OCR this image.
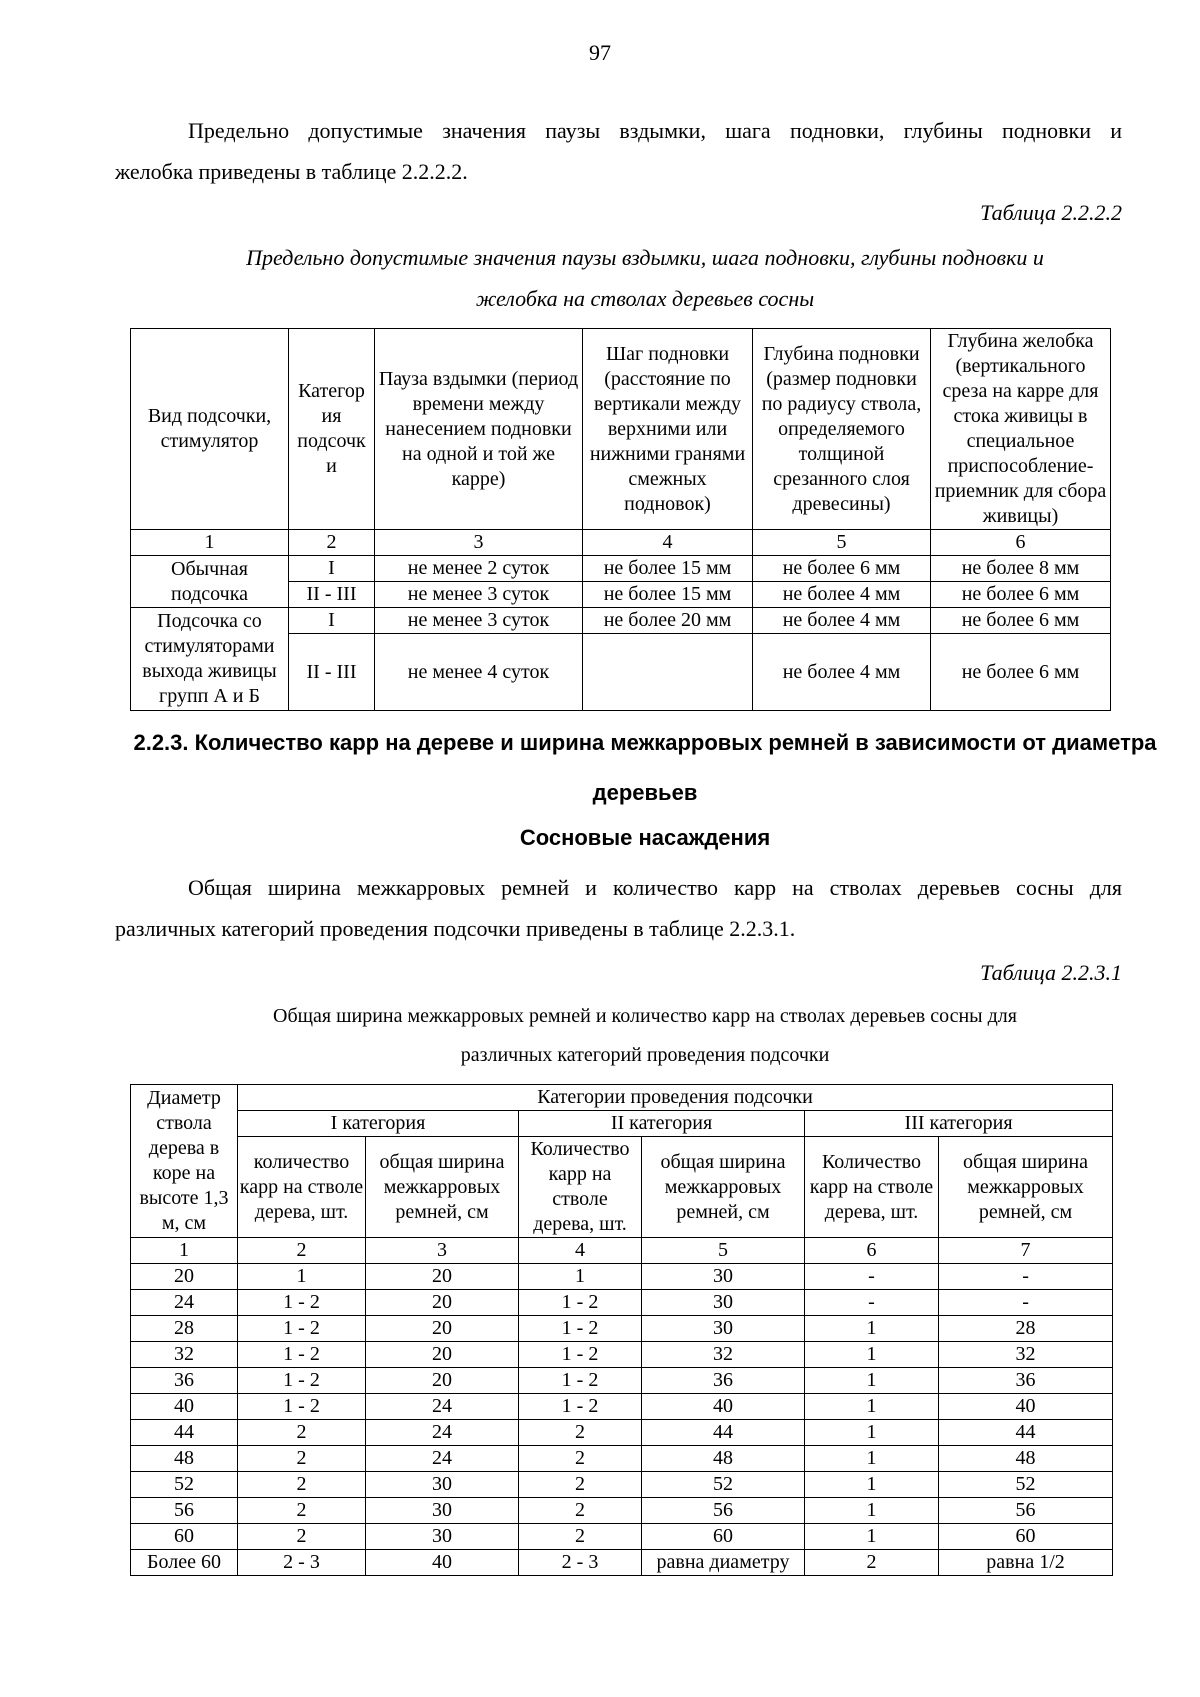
97
Предельно допустимые значения паузы вздымки, шага подновки, глубины подновки и
желобка приведены в таблице 2.2.2.2.
Таблица 2.2.2.2
Предельно допустимые значения паузы вздымки, шага подновки, глубины подновки и
желобка на стволах деревьев сосны
Вид подсочки, стимулятор	Категор ия подсочк и	Пауза вздымки (период времени между нанесением подновки на одной и той же карре)	Шаг подновки (расстояние по вертикали между верхними или нижними гранями смежных подновок)	Глубина подновки (размер подновки по радиусу ствола, определяемого толщиной срезанного слоя древесины)	Глубина желобка (вертикального среза на карре для стока живицы в специальное приспособление-приемник для сбора живицы)
1	2	3	4	5	6
Обычная подсочка	I	не менее 2 суток	не более 15 мм	не более 6 мм	не более 8 мм
	II - III	не менее 3 суток	не более 15 мм	не более 4 мм	не более 6 мм
Подсочка со стимуляторами выхода живицы групп А и Б	I	не менее 3 суток	не более 20 мм	не более 4 мм	не более 6 мм
	II - III	не менее 4 суток		не более 4 мм	не более 6 мм
2.2.3. Количество карр на дереве и ширина межкарровых ремней в зависимости от диаметра деревьев
Сосновые насаждения
Общая ширина межкарровых ремней и количество карр на стволах деревьев сосны для
различных категорий проведения подсочки приведены в таблице 2.2.3.1.
Таблица 2.2.3.1
Общая ширина межкарровых ремней и количество карр на стволах деревьев сосны для
различных категорий проведения подсочки
Диаметр ствола дерева в коре на высоте 1,3 м, см	Категории проведения подсочки					
	I категория		II категория		III категория	
	количество карр на стволе дерева, шт.	общая ширина межкарровых ремней, см	Количество карр на стволе дерева, шт.	общая ширина межкарровых ремней, см	Количество карр на стволе дерева, шт.	общая ширина межкарровых ремней, см
1	2	3	4	5	6	7
20	1	20	1	30	-	-
24	1 - 2	20	1 - 2	30	-	-
28	1 - 2	20	1 - 2	30	1	28
32	1 - 2	20	1 - 2	32	1	32
36	1 - 2	20	1 - 2	36	1	36
40	1 - 2	24	1 - 2	40	1	40
44	2	24	2	44	1	44
48	2	24	2	48	1	48
52	2	30	2	52	1	52
56	2	30	2	56	1	56
60	2	30	2	60	1	60
Более 60	2 - 3	40	2 - 3	равна диаметру	2	равна 1/2
